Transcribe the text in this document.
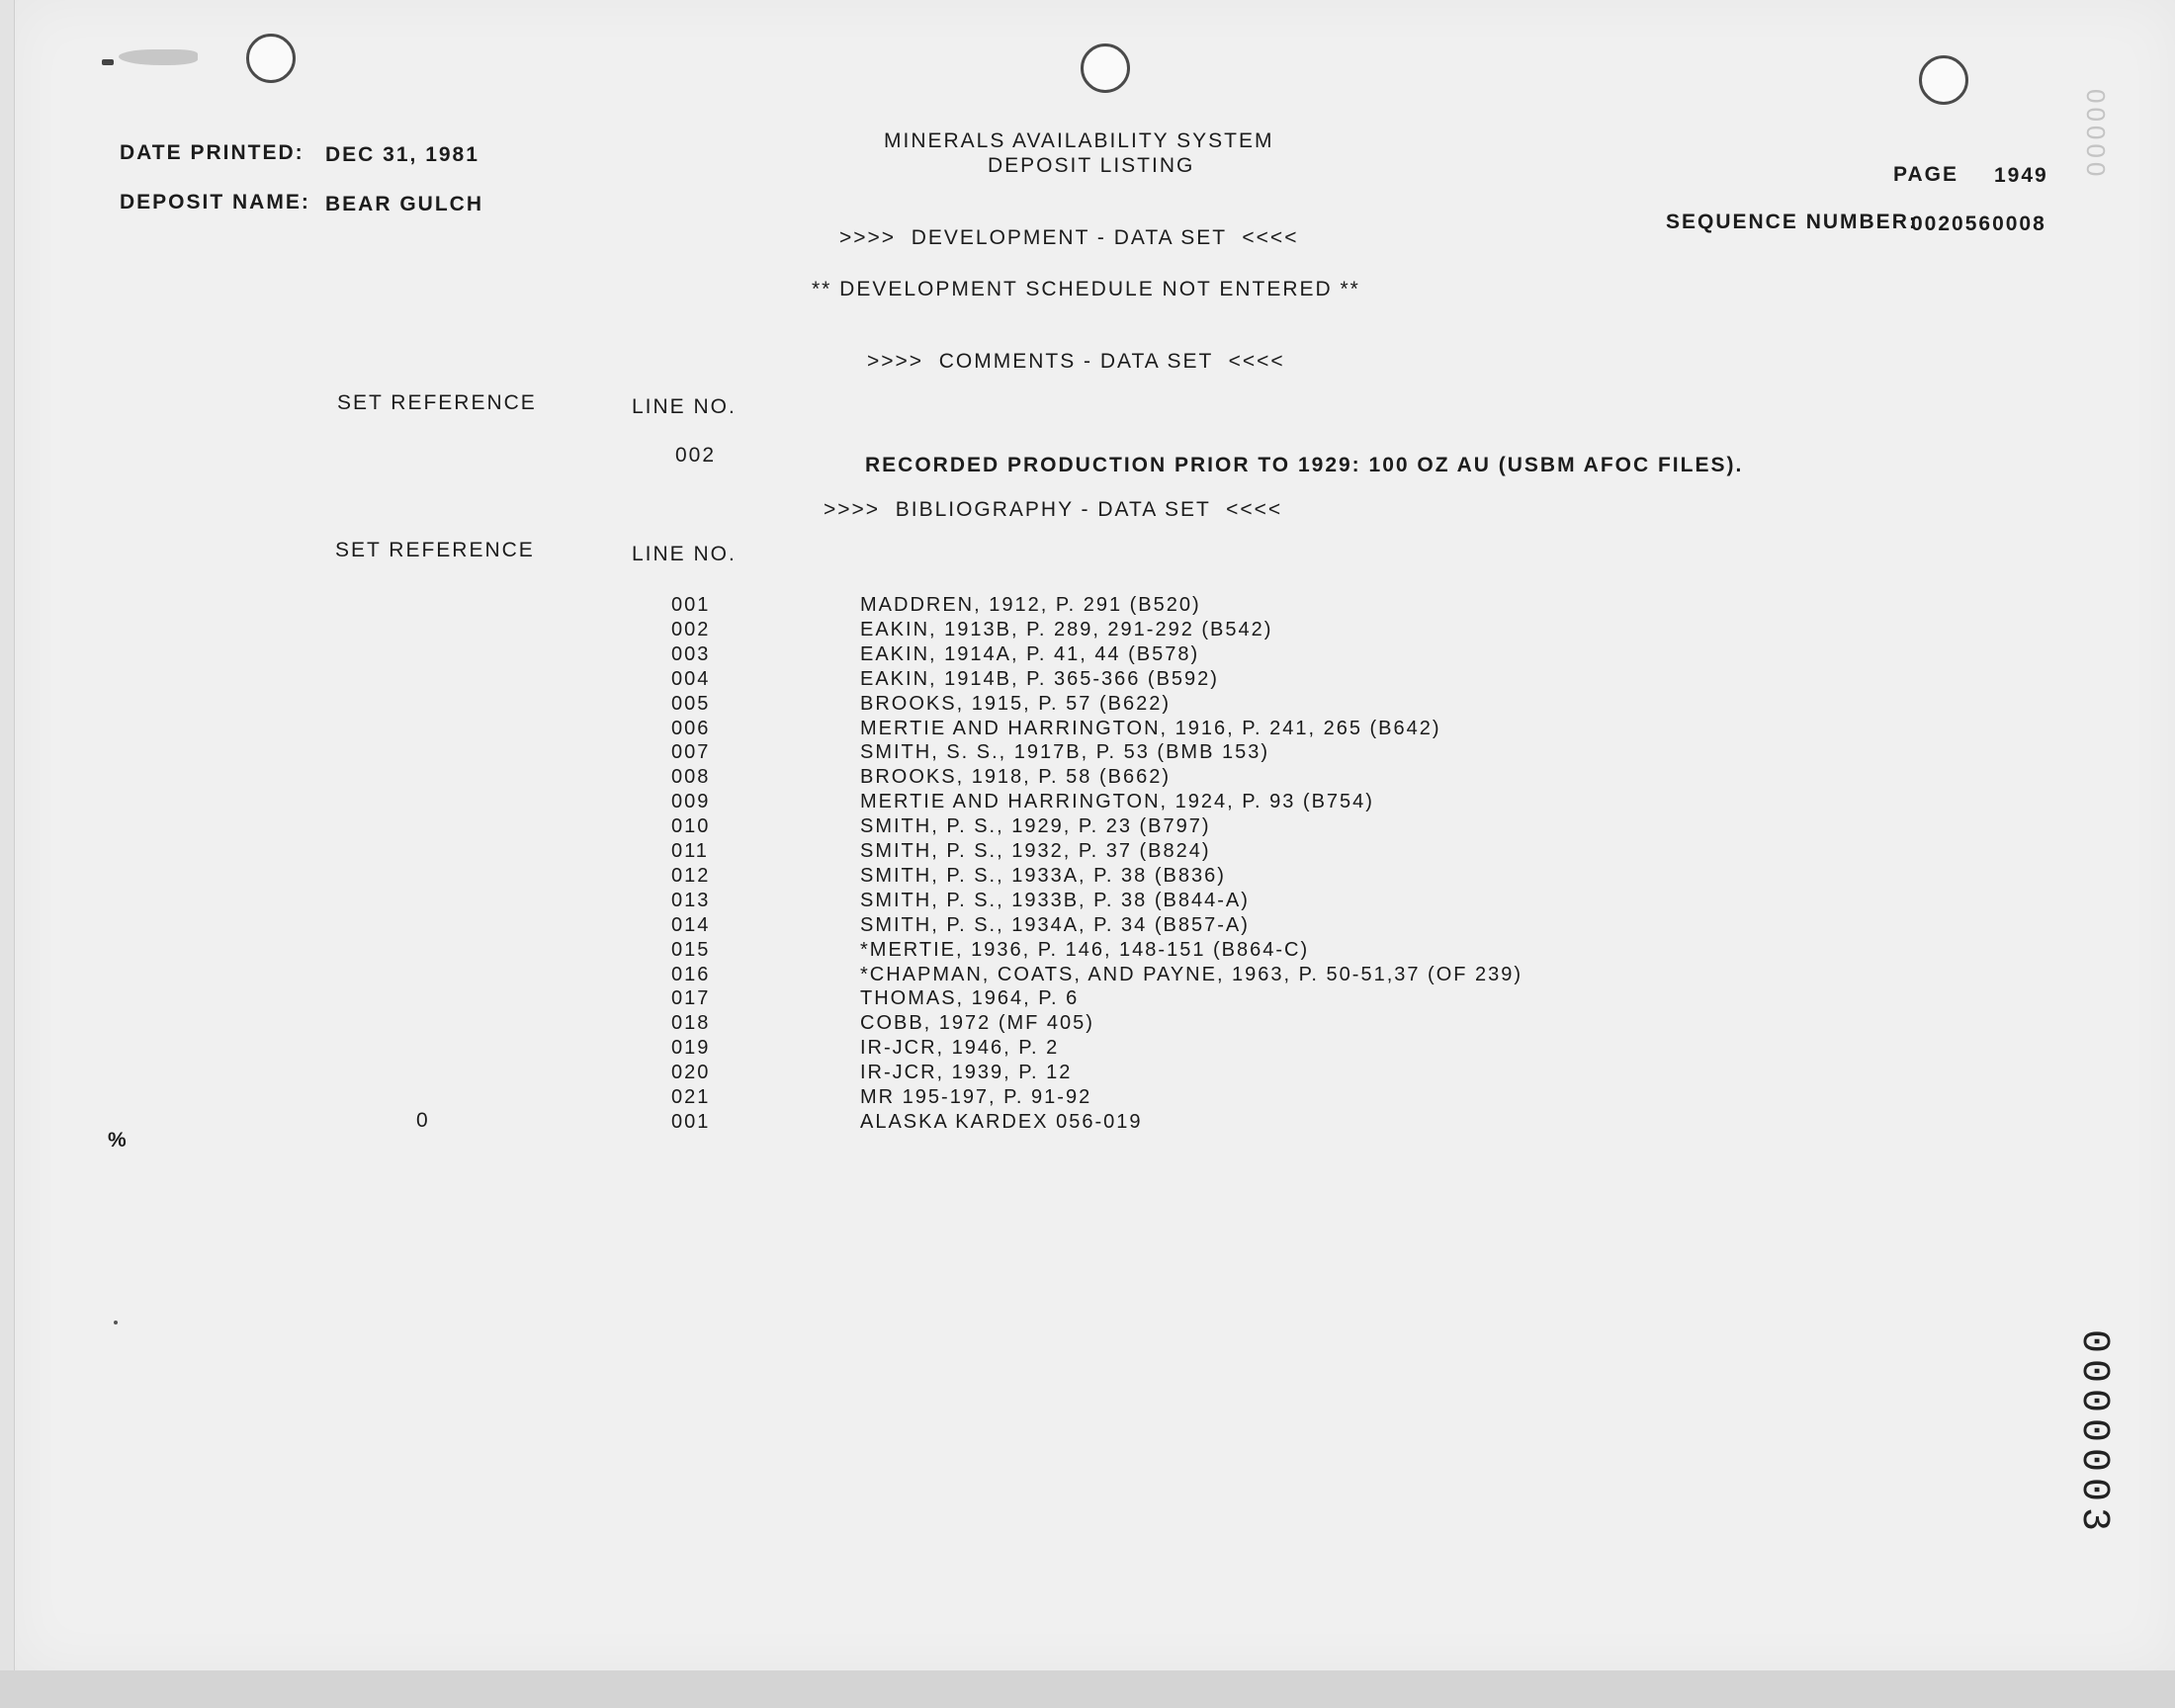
00000
DATE PRINTED: DEC 31, 1981
DEPOSIT NAME: BEAR GULCH
MINERALS AVAILABILITY SYSTEM
DEPOSIT LISTING	PAGE 1949
SEQUENCE NUMBER:
0020560008
>>>>  DEVELOPMENT - DATA SET  <<<<
** DEVELOPMENT SCHEDULE NOT ENTERED **
>>>>  COMMENTS - DATA SET  <<<<
SET REFERENCE	LINE NO.
002	RECORDED PRODUCTION PRIOR TO 1929: 100 OZ AU (USBM AFOC FILES).
>>>>  BIBLIOGRAPHY - DATA SET  <<<<
SET REFERENCE	LINE NO.
001	MADDREN, 1912, P. 291 (B520)
002	EAKIN, 1913B, P. 289, 291-292 (B542)
003	EAKIN, 1914A, P. 41, 44 (B578)
004	EAKIN, 1914B, P. 365-366 (B592)
005	BROOKS, 1915, P. 57 (B622)
006	MERTIE AND HARRINGTON, 1916, P. 241, 265 (B642)
007	SMITH, S. S., 1917B, P. 53 (BMB 153)
008	BROOKS, 1918, P. 58 (B662)
009	MERTIE AND HARRINGTON, 1924, P. 93 (B754)
010	SMITH, P. S., 1929, P. 23 (B797)
011	SMITH, P. S., 1932, P. 37 (B824)
012	SMITH, P. S., 1933A, P. 38 (B836)
013	SMITH, P. S., 1933B, P. 38 (B844-A)
014	SMITH, P. S., 1934A, P. 34 (B857-A)
015	*MERTIE, 1936, P. 146, 148-151 (B864-C)
016	*CHAPMAN, COATS, AND PAYNE, 1963, P. 50-51,37 (OF 239)
017	THOMAS, 1964, P. 6
018	COBB, 1972 (MF 405)
019	IR-JCR, 1946, P. 2
020	IR-JCR, 1939, P. 12
021	MR 195-197, P. 91-92
001	ALASKA KARDEX 056-019
0
%
0000003
